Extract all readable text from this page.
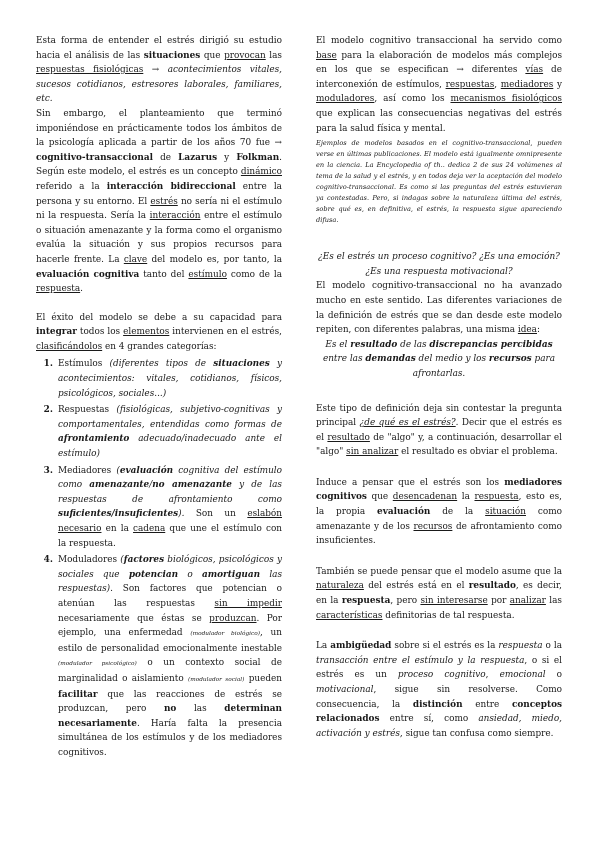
Esta forma de entender el estrés dirigió su estudio hacia el análisis de las situaciones que provocan las respuestas fisiológicas → acontecimientos vitales, sucesos cotidianos, estresores laborales, familiares, etc.

Sin embargo, el planteamiento que terminó imponiéndose en prácticamente todos los ámbitos de la psicología aplicada a partir de los años 70 fue → cognitivo-transaccional de Lazarus y Folkman. Según este modelo, el estrés es un concepto dinámico referido a la interacción bidireccional entre la persona y su entorno. El estrés no sería ni el estímulo ni la respuesta. Sería la interacción entre el estímulo o situación amenazante y la forma como el organismo evalúa la situación y sus propios recursos para hacerle frente. La clave del modelo es, por tanto, la evaluación cognitiva tanto del estímulo como de la respuesta.

El éxito del modelo se debe a su capacidad para integrar todos los elementos intervienen en el estrés, clasificándolos en 4 grandes categorías:

1. Estímulos (diferentes tipos de situaciones y acontecimientos: vitales, cotidianos, físicos, psicológicos, sociales...)
2. Respuestas (fisiológicas, subjetivo-cognitivas y comportamentales, entendidas como formas de afrontamiento adecuado/inadecuado ante el estímulo)
3. Mediadores (evaluación cognitiva del estímulo como amenazante/no amenazante y de las respuestas de afrontamiento como suficientes/insuficientes). Son un eslabón necesario en la cadena que une el estímulo con la respuesta.
4. Moduladores (factores biológicos, psicológicos y sociales que potencian o amortiguan las respuestas). Son factores que potencian o atenúan las respuestas sin impedir necesariamente que éstas se produzcan. Por ejemplo, una enfermedad (modulador biológico), un estilo de personalidad emocionalmente inestable (modulador psicológico) o un contexto social de marginalidad o aislamiento (modulador social) pueden facilitar que las reacciones de estrés se produzcan, pero no las determinan necesariamente. Haría falta la presencia simultánea de los estímulos y de los mediadores cognitivos.

El modelo cognitivo transaccional ha servido como base para la elaboración de modelos más complejos en los que se especifican → diferentes vías de interconexión de estímulos, respuestas, mediadores y moduladores, así como los mecanismos fisiológicos que explican las consecuencias negativas del estrés para la salud física y mental.

Ejemplos de modelos basados en el cognitivo-transaccional, pueden verse en últimas publicaciones. El modelo está igualmente omnipresente en la ciencia. La Encyclopedia of th.. dedica 2 de sus 24 volúmenes al tema de la salud y el estrés, y en todos deja ver la aceptación del modelo cognitivo-transaccional. Es como si las preguntas del estrés estuvieran ya contestadas. Pero, si indagas sobre la naturaleza última del estrés, sobre qué es, en definitiva, el estrés, la respuesta sigue apareciendo difusa.

¿Es el estrés un proceso cognitivo? ¿Es una emoción? ¿Es una respuesta motivacional?

El modelo cognitivo-transaccional no ha avanzado mucho en este sentido. Las diferentes variaciones de la definición de estrés que se dan desde este modelo repiten, con diferentes palabras, una misma idea:

Es el resultado de las discrepancias percibidas entre las demandas del medio y los recursos para afrontarlas.

Este tipo de definición deja sin contestar la pregunta principal ¿de qué es el estrés?. Decir que el estrés es el resultado de "algo" y, a continuación, desarrollar el "algo" sin analizar el resultado es obviar el problema.

Induce a pensar que el estrés son los mediadores cognitivos que desencadenan la respuesta, esto es, la propia evaluación de la situación como amenazante y de los recursos de afrontamiento como insuficientes.

También se puede pensar que el modelo asume que la naturaleza del estrés está en el resultado, es decir, en la respuesta, pero sin interesarse por analizar las características definitorias de tal respuesta.

La ambigüedad sobre si el estrés es la respuesta o la transacción entre el estímulo y la respuesta, o si el estrés es un proceso cognitivo, emocional o motivacional, sigue sin resolverse. Como consecuencia, la distinción entre conceptos relacionados entre sí, como ansiedad, miedo, activación y estrés, sigue tan confusa como siempre.
